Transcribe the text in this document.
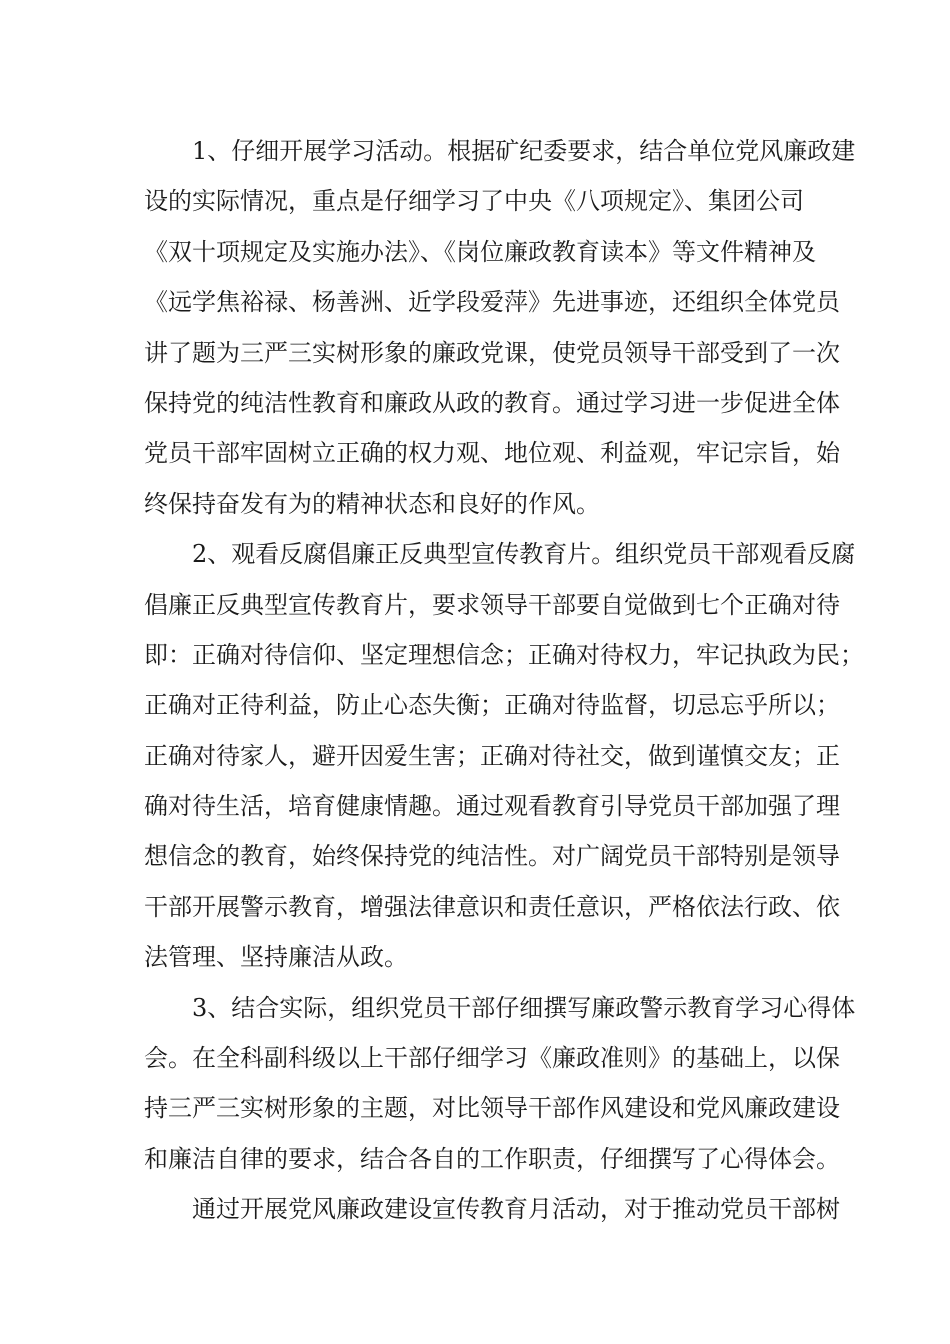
　　1、仔细开展学习活动。根据矿纪委要求，结合单位党风廉政建
设的实际情况，重点是仔细学习了中央《八项规定》、集团公司
《双十项规定及实施办法》、《岗位廉政教育读本》等文件精神及
《远学焦裕禄、杨善洲、近学段爱萍》先进事迹，还组织全体党员
讲了题为三严三实树形象的廉政党课，使党员领导干部受到了一次
保持党的纯洁性教育和廉政从政的教育。通过学习进一步促进全体
党员干部牢固树立正确的权力观、地位观、利益观，牢记宗旨，始
终保持奋发有为的精神状态和良好的作风。
　　2、观看反腐倡廉正反典型宣传教育片。组织党员干部观看反腐
倡廉正反典型宣传教育片，要求领导干部要自觉做到七个正确对待
即：正确对待信仰、坚定理想信念；正确对待权力，牢记执政为民；
正确对正待利益，防止心态失衡；正确对待监督，切忌忘乎所以；
正确对待家人，避开因爱生害；正确对待社交，做到谨慎交友；正
确对待生活，培育健康情趣。通过观看教育引导党员干部加强了理
想信念的教育，始终保持党的纯洁性。对广阔党员干部特别是领导
干部开展警示教育，增强法律意识和责任意识，严格依法行政、依
法管理、坚持廉洁从政。
　　3、结合实际，组织党员干部仔细撰写廉政警示教育学习心得体
会。在全科副科级以上干部仔细学习《廉政准则》的基础上，以保
持三严三实树形象的主题，对比领导干部作风建设和党风廉政建设
和廉洁自律的要求，结合各自的工作职责，仔细撰写了心得体会。
　　通过开展党风廉政建设宣传教育月活动，对于推动党员干部树
